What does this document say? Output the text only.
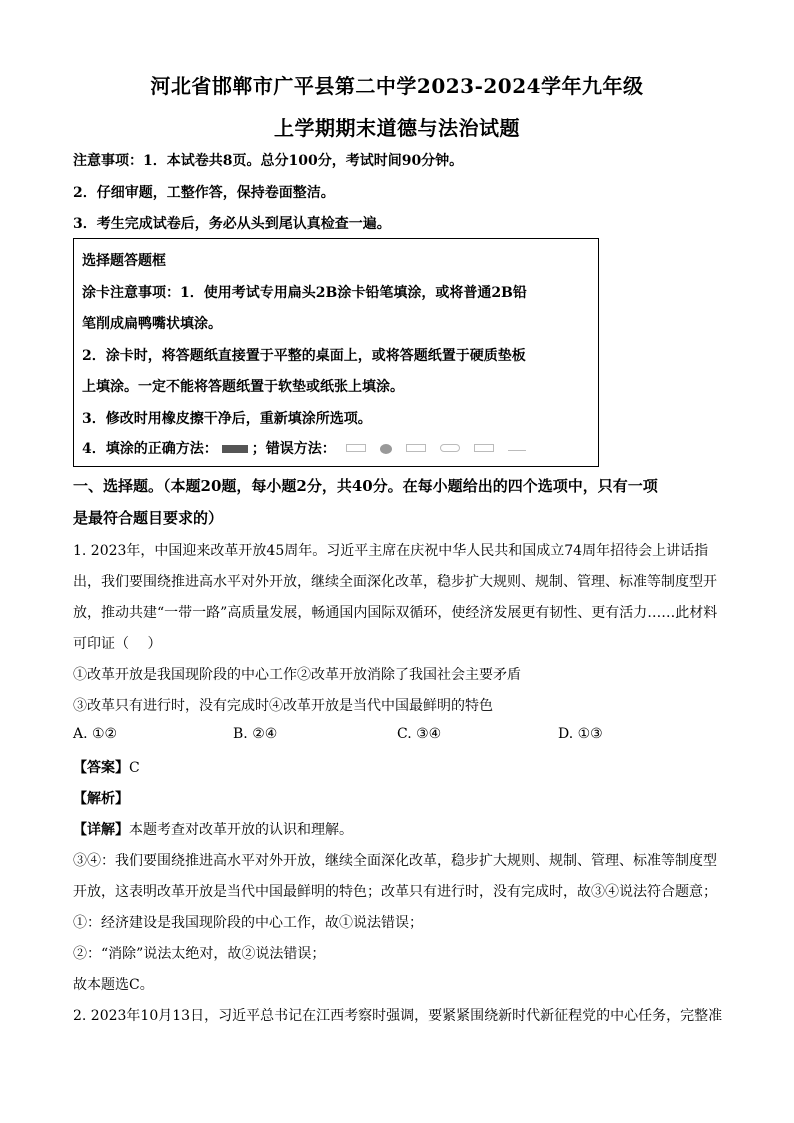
河北省邯郸市广平县第二中学2023-2024学年九年级
上学期期末道德与法治试题
注意事项：1．本试卷共8页。总分100分，考试时间90分钟。
2．仔细审题，工整作答，保持卷面整洁。
3．考生完成试卷后，务必从头到尾认真检查一遍。
选择题答题框
涂卡注意事项：1．使用考试专用扁头2B涂卡铅笔填涂，或将普通2B铅
笔削成扁鸭嘴状填涂。
2．涂卡时，将答题纸直接置于平整的桌面上，或将答题纸置于硬质垫板
上填涂。一定不能将答题纸置于软垫或纸张上填涂。
3．修改时用橡皮擦干净后，重新填涂所选项。
4．填涂的正确方法： ；错误方法：
一、选择题。（本题20题，每小题2分，共40分。在每小题给出的四个选项中，只有一项
是最符合题目要求的）
1. 2023年，中国迎来改革开放45周年。习近平主席在庆祝中华人民共和国成立74周年招待会上讲话指
出，我们要围绕推进高水平对外开放，继续全面深化改革，稳步扩大规则、规制、管理、标准等制度型开
放，推动共建“一带一路”高质量发展，畅通国内国际双循环，使经济发展更有韧性、更有活力……此材料
可印证（　 ）
①改革开放是我国现阶段的中心工作②改革开放消除了我国社会主要矛盾
③改革只有进行时，没有完成时④改革开放是当代中国最鲜明的特色
A. ①②	B. ②④	C. ③④	D. ①③
【答案】C
【解析】
【详解】本题考查对改革开放的认识和理解。
③④：我们要围绕推进高水平对外开放，继续全面深化改革，稳步扩大规则、规制、管理、标准等制度型
开放，这表明改革开放是当代中国最鲜明的特色；改革只有进行时，没有完成时，故③④说法符合题意；
①：经济建设是我国现阶段的中心工作，故①说法错误；
②：“消除”说法太绝对，故②说法错误；
故本题选C。
2. 2023年10月13日，习近平总书记在江西考察时强调，要紧紧围绕新时代新征程党的中心任务，完整准
